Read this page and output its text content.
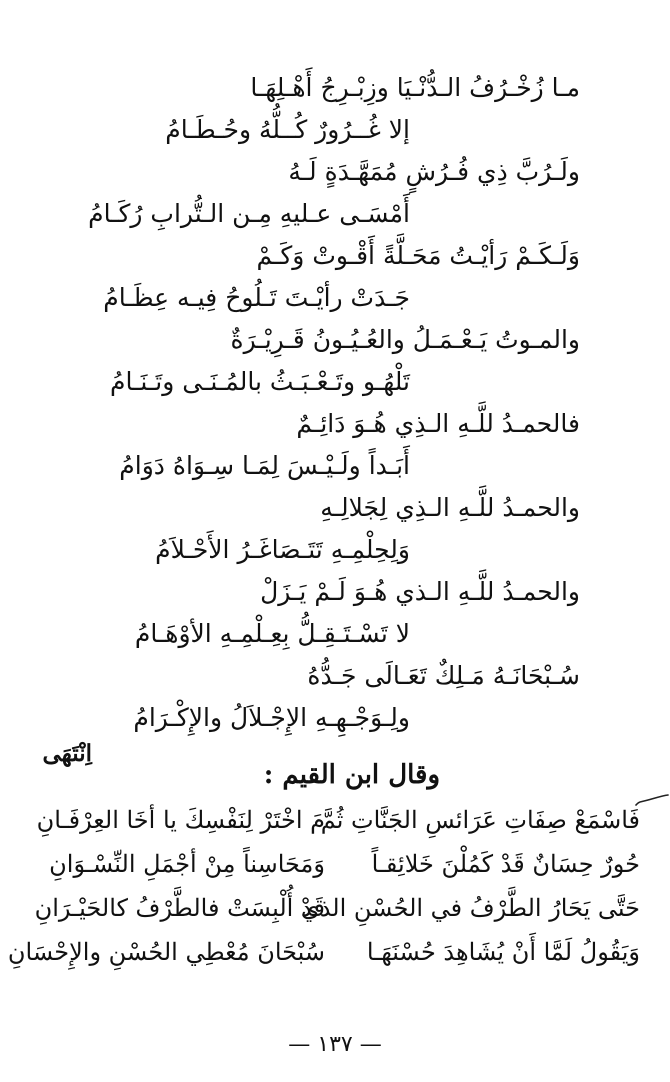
مـا زُخْـرُفُ الـدُّنْـيَا وزِبْـرِجُ أَهْـلِهَـا

إلا غُــرُورٌ كُــلُّهُ وحُـطَـامُ

ولَـرُبَّ ذِي فُـرُشٍ مُمَهَّـدَةٍ لَـهُ

أَمْسَـى عـليهِ مِـن الـتُّرابِ رُكَـامُ

وَلَـكَـمْ رَأيْـتُ مَحَـلَّةً أَقْـوتْ وَكَـمْ

جَـدَتْ رأيْـتَ تَـلُوحُ فِيـه عِظَـامُ

والمـوتُ يَـعْـمَـلُ والعُـيُـونُ قَـرِيْـرَةٌ

تَلْهُـو وتَـعْـبَـثُ بالمُـنَـى وتَـنَـامُ

فالحمـدُ للَّـهِ الـذِي هُـوَ دَائِـمٌ

أَبَـداً ولَـيْـسَ لِمَـا سِـوَاهُ دَوَامُ

والحمـدُ للَّـهِ الـذِي لِجَلالِـهِ

وَلِحِلْمِـهِ تَتَـصَاغَـرُ الأَحْـلاَمُ

والحمـدُ للَّـهِ الـذي هُـوَ لَـمْ يَـزَلْ

لا تَسْـتَـقِـلُّ بِعِـلْمِـهِ الأوْهَـامُ

سُـبْحَانَـهُ مَـلِكٌ تَعَـالَى جَـدُّهُ

ولِـوَجْـهِـهِ الإِجْـلاَلُ والإِكْـرَامُ

اِنْتَهَى

وقال ابن القيم :

فَاسْمَعْ صِفَاتِ عَرَائسِ الجَنَّاتِ ثُمَّ
مَ اخْتَرْ لِنَفْسِكَ يا أخَا العِرْفَـانِ
حُورٌ حِسَانٌ قَدْ كَمُلْنَ خَلائِقـاً
وَمَحَاسِناً مِنْ أجْمَلِ النِّسْـوَانِ
حَتَّى يَحَارُ الطَّرْفُ في الحُسْنِ الذي
قَدْ أُلْبِسَتْ فالطَّرْفُ كالحَيْـرَانِ
وَيَقُولُ لَمَّا أَنْ يُشَاهِدَ حُسْنَهَـا
سُبْحَانَ مُعْطِي الحُسْنِ والإِحْسَانِ

— ١٣٧ —
